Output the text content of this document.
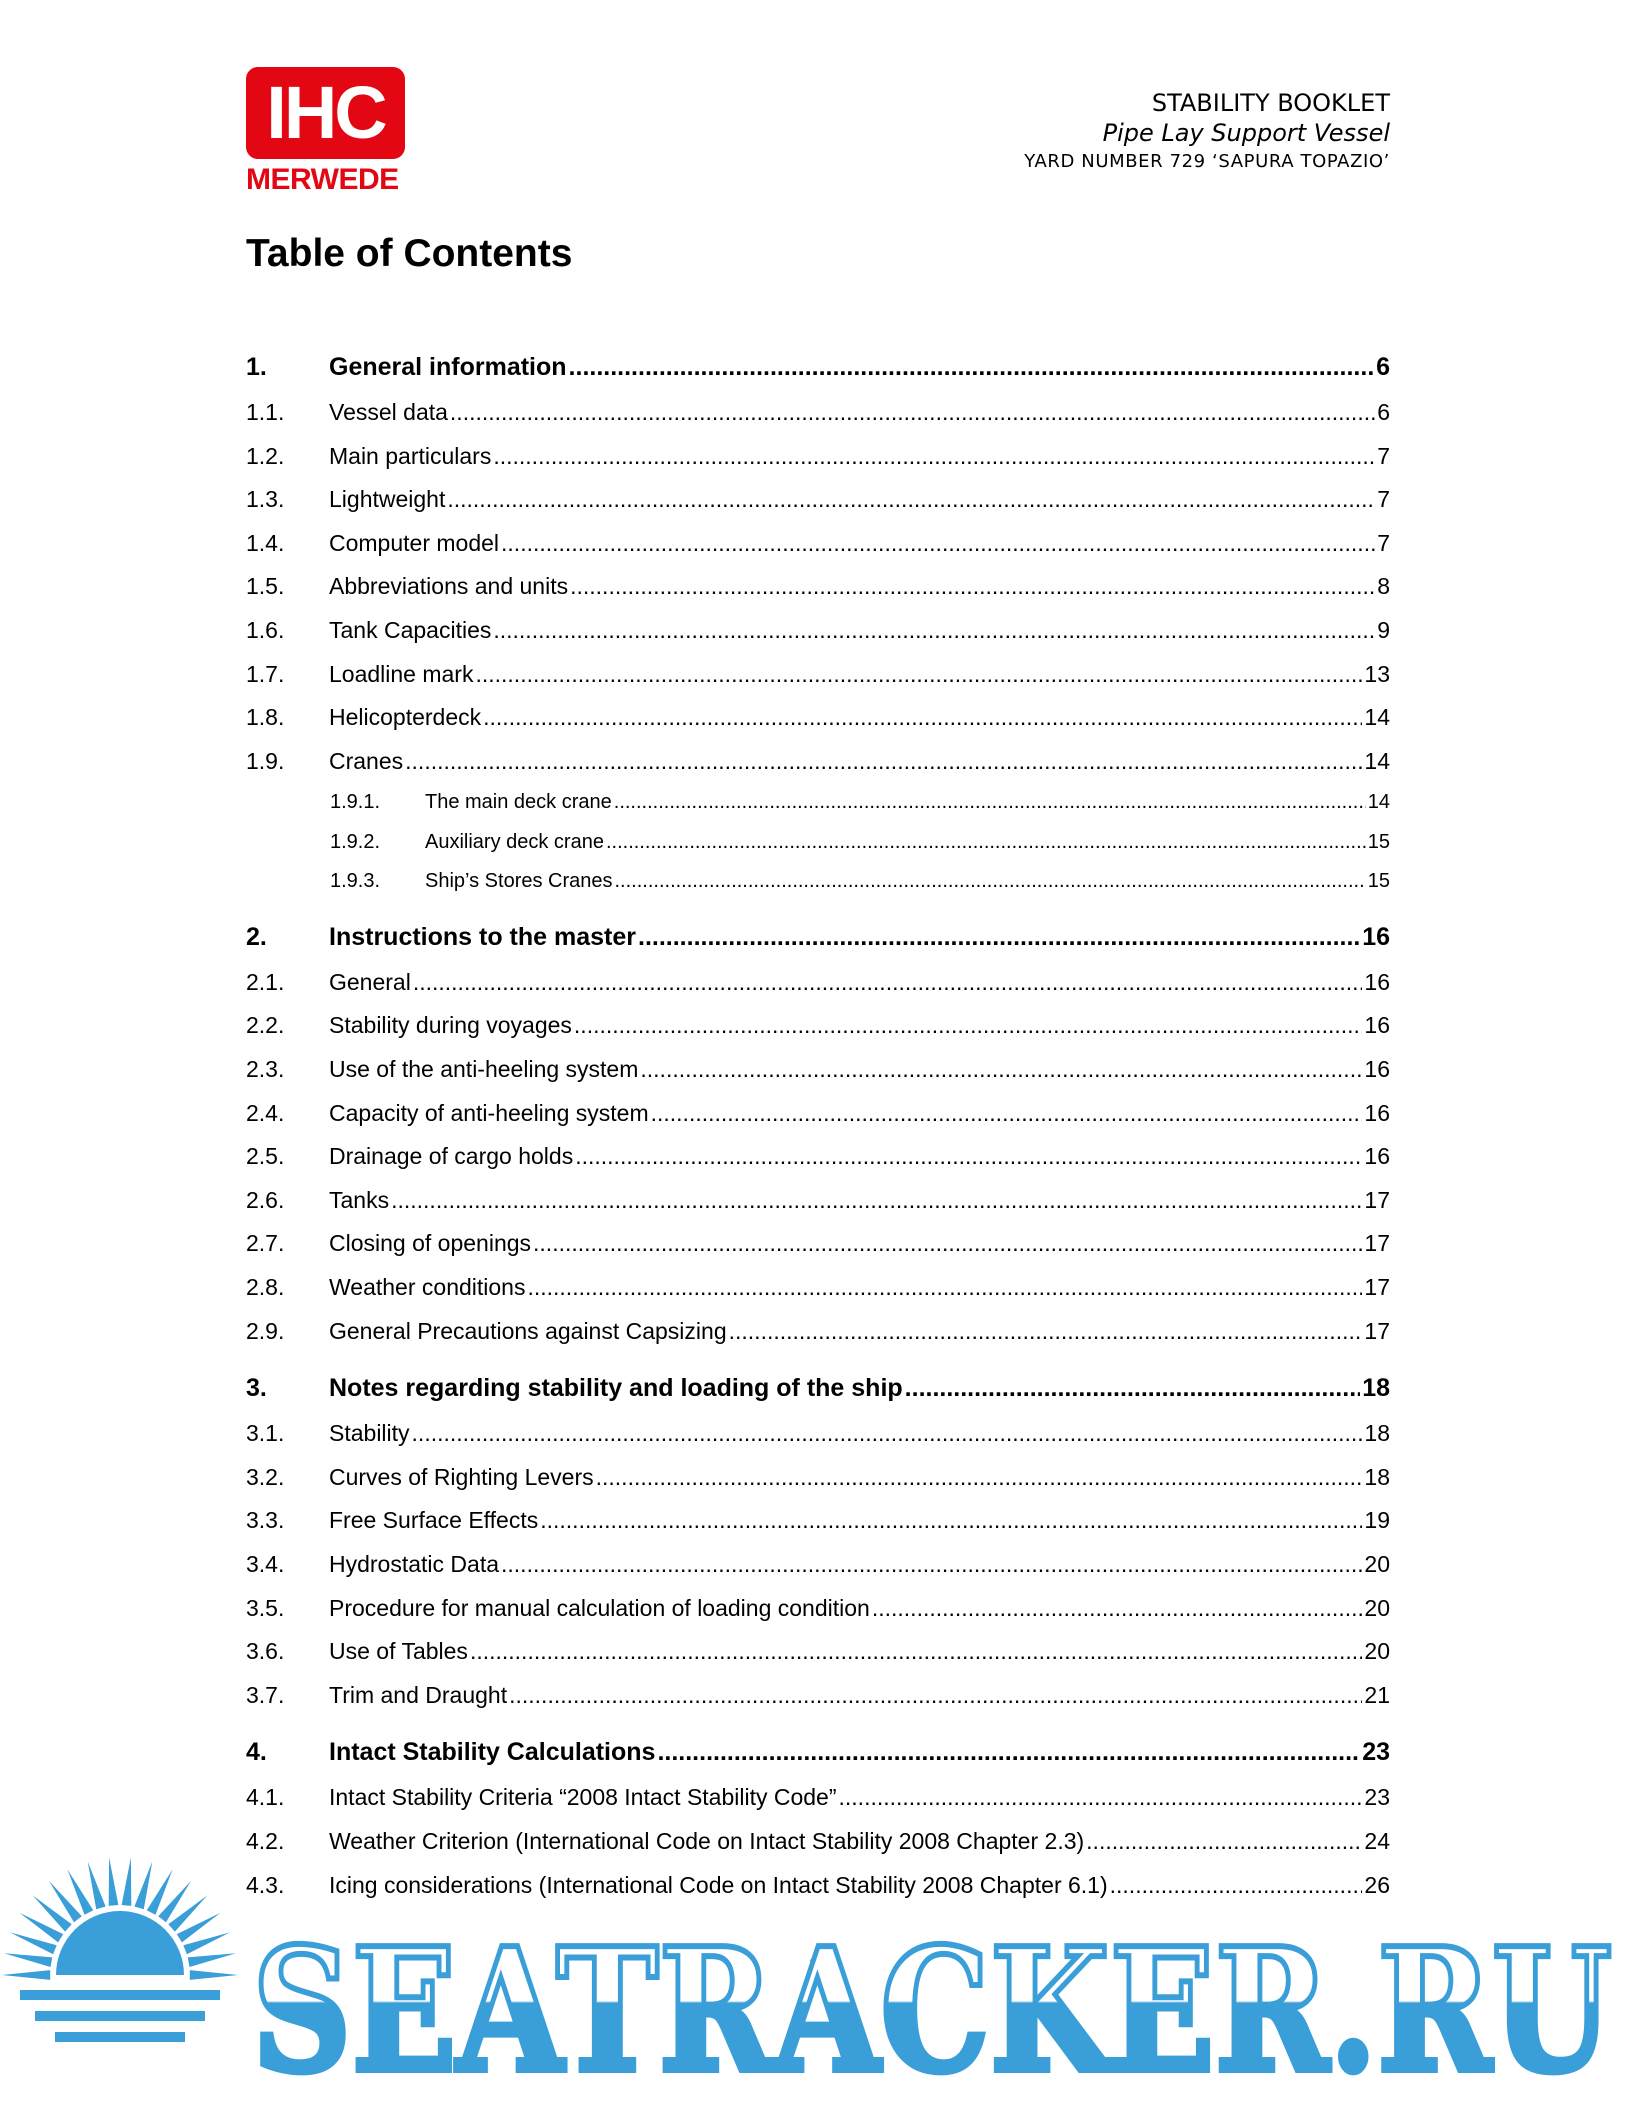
IHC
MERWEDE
STABILITY BOOKLET
Pipe Lay Support Vessel
YARD NUMBER 729 ‘SAPURA TOPAZIO’
Table of Contents
1.	General information .....	6
1.1.	Vessel data .....	6
1.2.	Main particulars .....	7
1.3.	Lightweight .....	7
1.4.	Computer model .....	7
1.5.	Abbreviations and units .....	8
1.6.	Tank Capacities .....	9
1.7.	Loadline mark .....	13
1.8.	Helicopterdeck .....	14
1.9.	Cranes .....	14
1.9.1.	The main deck crane .....	14
1.9.2.	Auxiliary deck crane .....	15
1.9.3.	Ship’s Stores Cranes .....	15
2.	Instructions to the master .....	16
2.1.	General .....	16
2.2.	Stability during voyages .....	16
2.3.	Use of the anti-heeling system .....	16
2.4.	Capacity of anti-heeling system .....	16
2.5.	Drainage of cargo holds .....	16
2.6.	Tanks .....	17
2.7.	Closing of openings .....	17
2.8.	Weather conditions .....	17
2.9.	General Precautions against Capsizing .....	17
3.	Notes regarding stability and loading of the ship .....	18
3.1.	Stability .....	18
3.2.	Curves of Righting Levers .....	18
3.3.	Free Surface Effects .....	19
3.4.	Hydrostatic Data .....	20
3.5.	Procedure for manual calculation of loading condition .....	20
3.6.	Use of Tables .....	20
3.7.	Trim and Draught .....	21
4.	Intact Stability Calculations .....	23
4.1.	Intact Stability Criteria “2008 Intact Stability Code” .....	23
4.2.	Weather Criterion (International Code on Intact Stability 2008 Chapter 2.3) .....	24
4.3.	Icing considerations (International Code on Intact Stability 2008 Chapter 6.1) .....	26
3
SEATRACKER.RU
